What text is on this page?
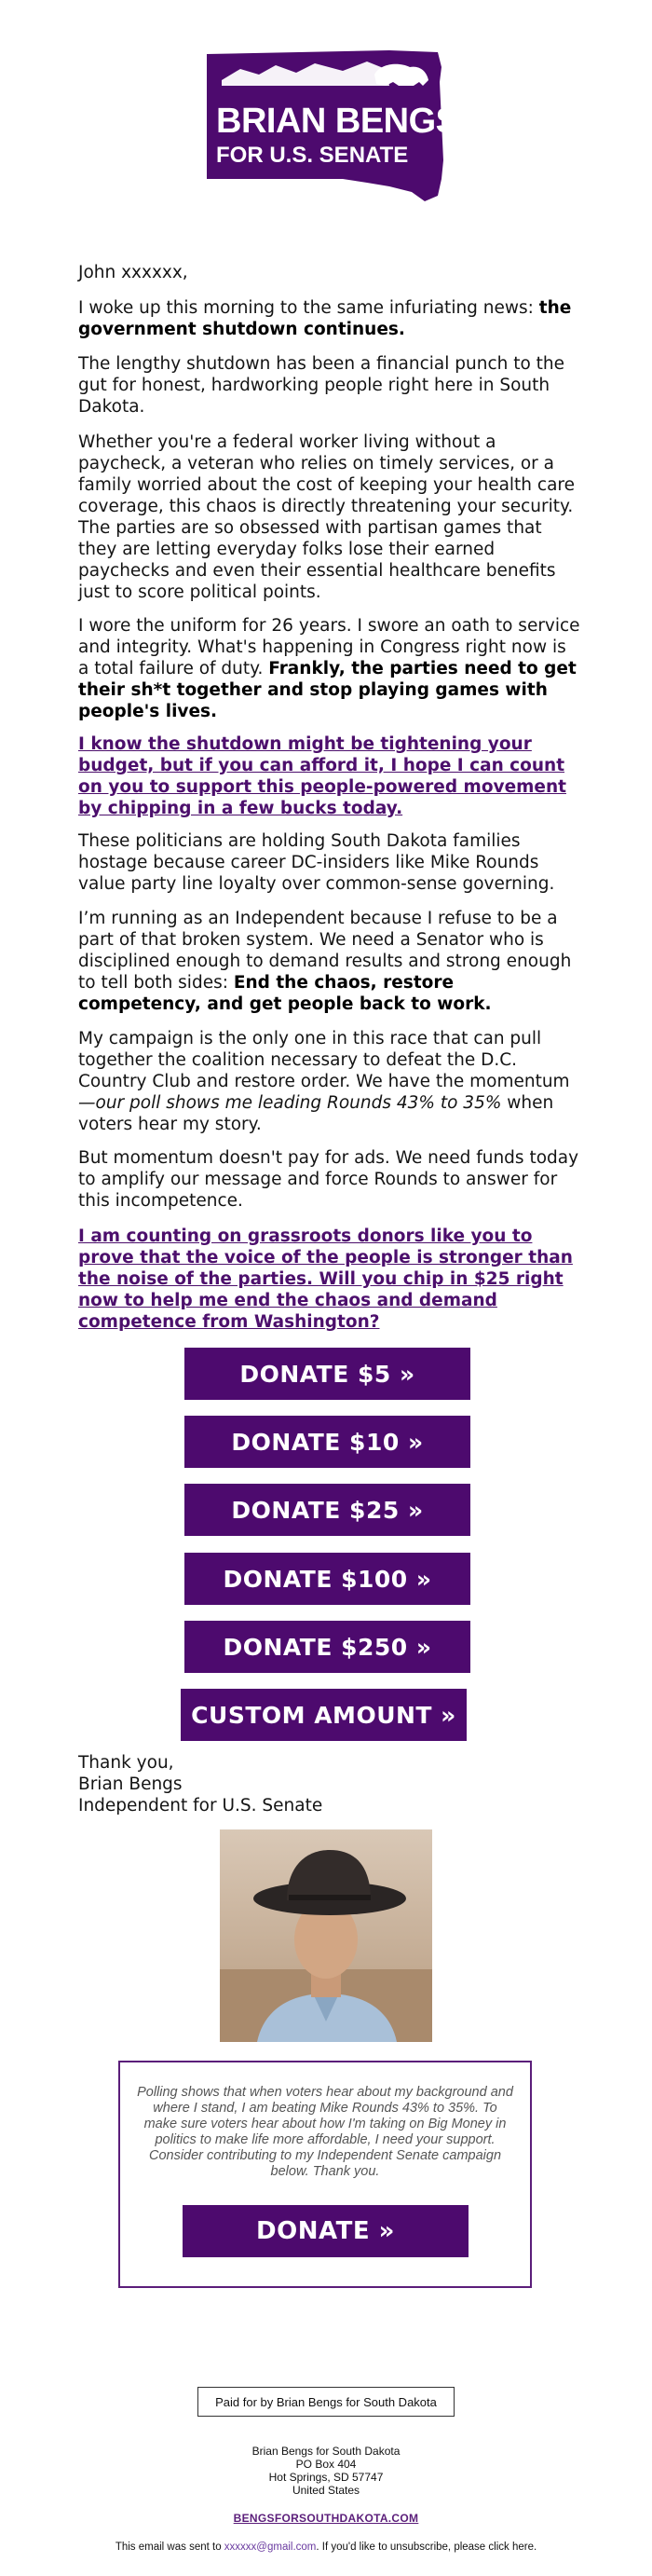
BRIAN BENGS
FOR U.S. SENATE

John xxxxxx,

I woke up this morning to the same infuriating news: the government shutdown continues.

The lengthy shutdown has been a financial punch to the gut for honest, hardworking people right here in South Dakota.

Whether you're a federal worker living without a paycheck, a veteran who relies on timely services, or a family worried about the cost of keeping your health care coverage, this chaos is directly threatening your security. The parties are so obsessed with partisan games that they are letting everyday folks lose their earned paychecks and even their essential healthcare benefits just to score political points.

I wore the uniform for 26 years. I swore an oath to service and integrity. What's happening in Congress right now is a total failure of duty. Frankly, the parties need to get their sh*t together and stop playing games with people's lives.

I know the shutdown might be tightening your budget, but if you can afford it, I hope I can count on you to support this people-powered movement by chipping in a few bucks today.

These politicians are holding South Dakota families hostage because career DC-insiders like Mike Rounds value party line loyalty over common-sense governing.

I’m running as an Independent because I refuse to be a part of that broken system. We need a Senator who is disciplined enough to demand results and strong enough to tell both sides: End the chaos, restore competency, and get people back to work.

My campaign is the only one in this race that can pull together the coalition necessary to defeat the D.C. Country Club and restore order. We have the momentum —our poll shows me leading Rounds 43% to 35% when voters hear my story.

But momentum doesn't pay for ads. We need funds today to amplify our message and force Rounds to answer for this incompetence.

I am counting on grassroots donors like you to prove that the voice of the people is stronger than the noise of the parties. Will you chip in $25 right now to help me end the chaos and demand competence from Washington?
DONATE $5 »
DONATE $10 »
DONATE $25 »
DONATE $100 »
DONATE $250 »
CUSTOM AMOUNT »
Thank you,
Brian Bengs
Independent for U.S. Senate
Polling shows that when voters hear about my background and where I stand, I am beating Mike Rounds 43% to 35%. To make sure voters hear about how I'm taking on Big Money in politics to make life more affordable, I need your support. Consider contributing to my Independent Senate campaign below. Thank you.
DONATE »
Paid for by Brian Bengs for South Dakota
Brian Bengs for South Dakota
PO Box 404
Hot Springs, SD 57747
United States
BENGSFORSOUTHDAKOTA.COM
This email was sent to xxxxxx@gmail.com. If you'd like to unsubscribe, please click here.
